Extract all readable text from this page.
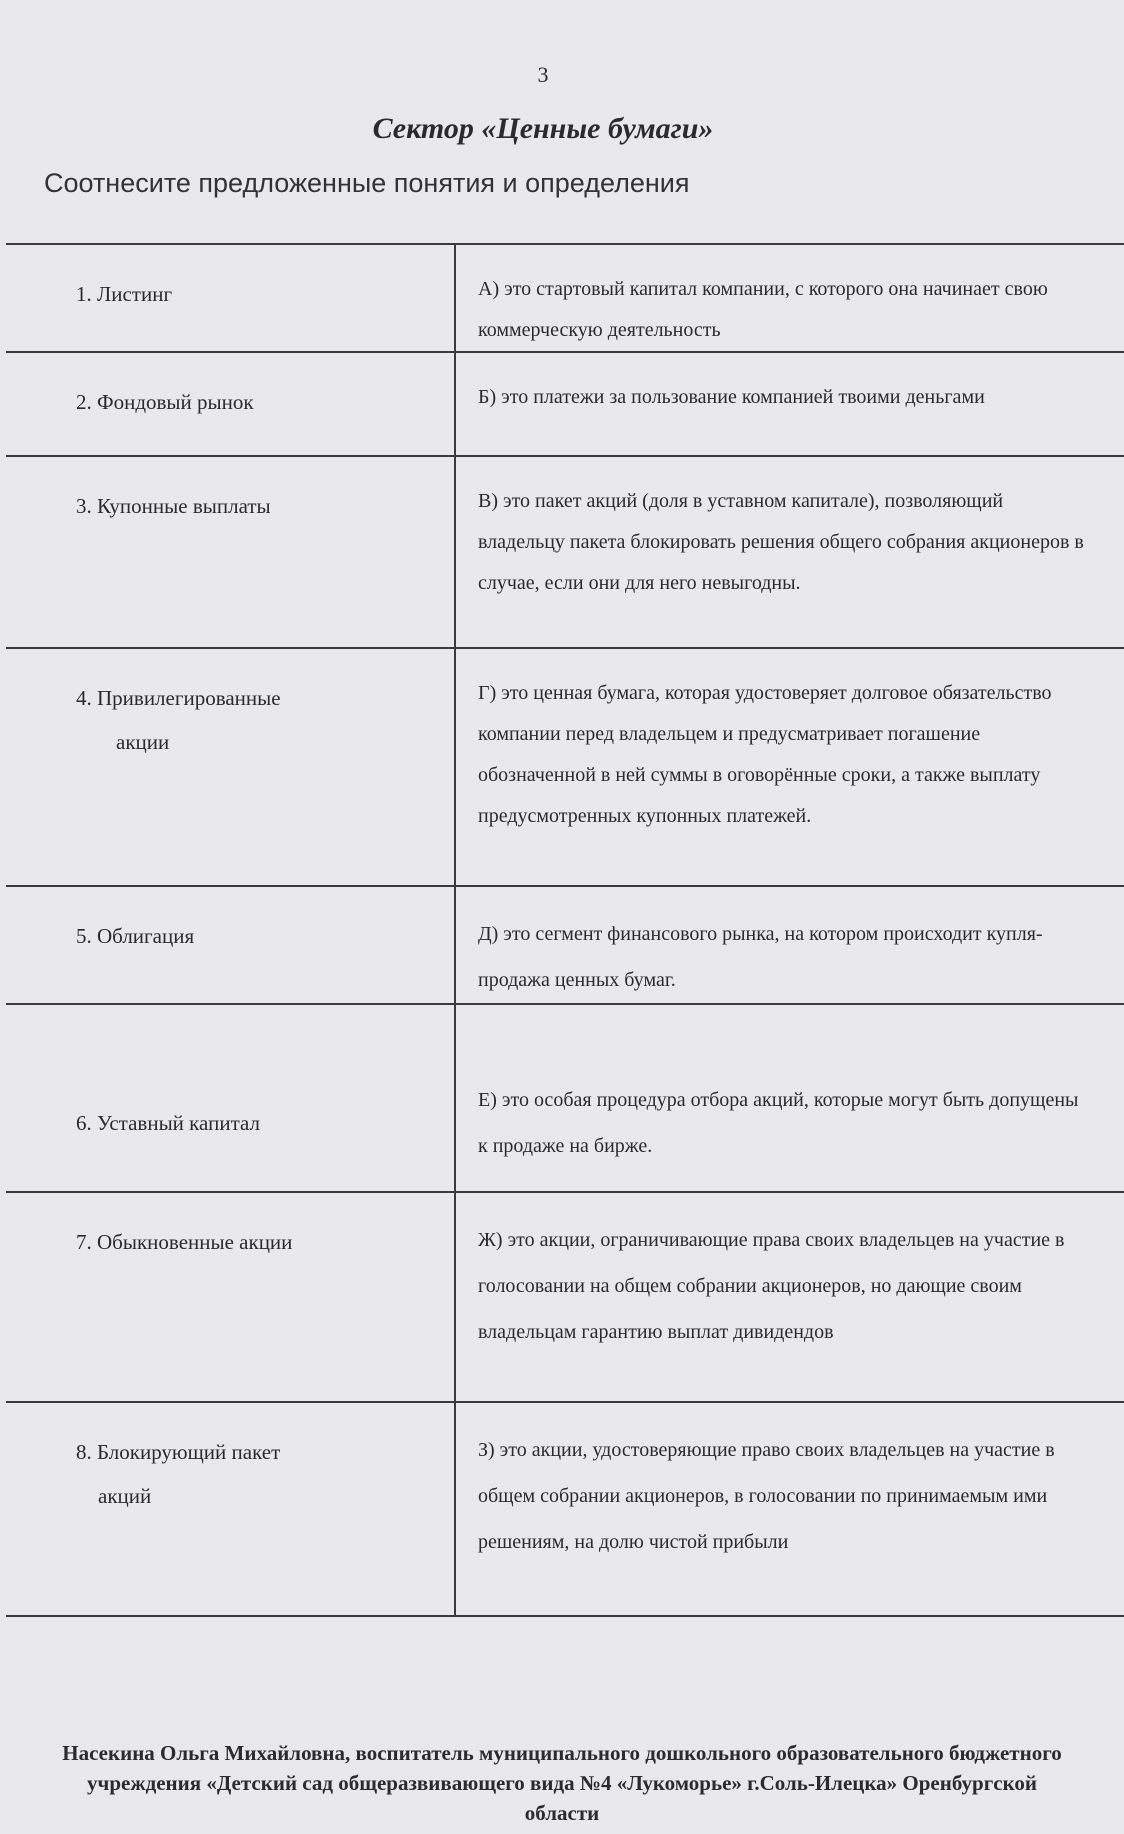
3
Сектор «Ценные бумаги»
Соотнесите предложенные понятия и определения
1. Листинг	А) это стартовый капитал компании, с которого она начинает свою коммерческую деятельность

2. Фондовый рынок	Б) это платежи за пользование компанией твоими деньгами

3. Купонные выплаты	В) это пакет акций (доля в уставном капитале), позволяющий владельцу пакета блокировать решения общего собрания акционеров в случае, если они для него невыгодны.

4. Привилегированные
акции	Г) это ценная бумага, которая удостоверяет долговое обязательство компании перед владельцем и предусматривает погашение обозначенной в ней суммы в оговорённые сроки, а также выплату предусмотренных купонных платежей.

5. Облигация	Д) это сегмент финансового рынка, на котором происходит купля-продажа ценных бумаг.

6. Уставный капитал	Е) это особая процедура отбора акций, которые могут быть допущены к продаже на бирже.

7. Обыкновенные акции	Ж) это акции, ограничивающие права своих владельцев на участие в голосовании на общем собрании акционеров, но дающие своим владельцам гарантию выплат дивидендов

8. Блокирующий пакет
акций	З) это акции, удостоверяющие право своих владельцев на участие в общем собрании акционеров, в голосовании по принимаемым ими решениям, на долю чистой прибыли
Насекина Ольга Михайловна, воспитатель муниципального дошкольного образовательного бюджетного
учреждения «Детский сад общеразвивающего вида №4 «Лукоморье» г.Соль-Илецка» Оренбургской
области
